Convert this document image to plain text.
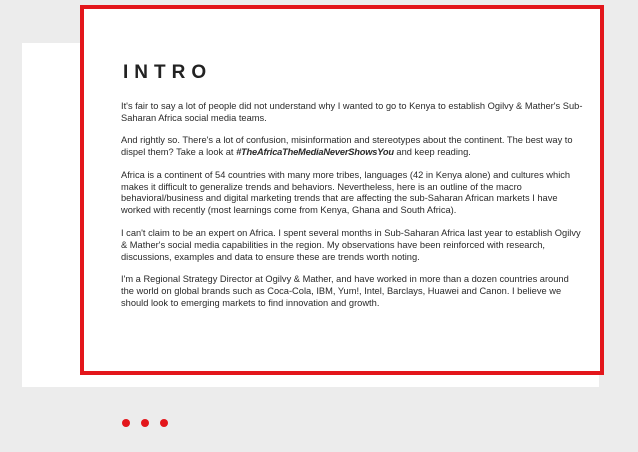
INTRO

It's fair to say a lot of people did not understand why I wanted to go to Kenya to establish Ogilvy & Mather's Sub-Saharan Africa social media teams.

And rightly so. There's a lot of confusion, misinformation and stereotypes about the continent. The best way to dispel them? Take a look at #TheAfricaTheMediaNeverShowsYou and keep reading.

Africa is a continent of 54 countries with many more tribes, languages (42 in Kenya alone) and cultures which makes it difficult to generalize trends and behaviors. Nevertheless, here is an outline of the macro behavioral/business and digital marketing trends that are affecting the sub-Saharan African markets I have worked with recently (most learnings come from Kenya, Ghana and South Africa).

I can't claim to be an expert on Africa. I spent several months in Sub-Saharan Africa last year to establish Ogilvy & Mather's social media capabilities in the region. My observations have been reinforced with research, discussions, examples and data to ensure these are trends worth noting.

I'm a Regional Strategy Director at Ogilvy & Mather, and have worked in more than a dozen countries around the world on global brands such as Coca-Cola, IBM, Yum!, Intel, Barclays, Huawei and Canon. I believe we should look to emerging markets to find innovation and growth.
